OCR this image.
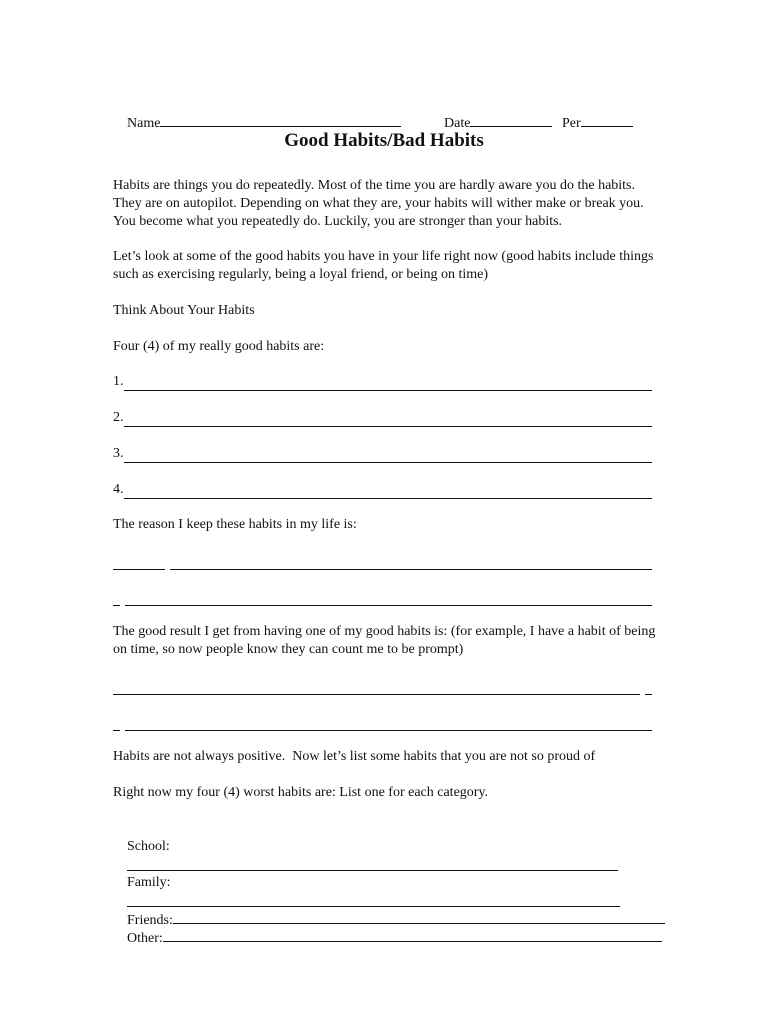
Name
	Date
	Per

Good Habits/Bad Habits
Habits are things you do repeatedly. Most of the time you are hardly aware you do the habits. They are on autopilot. Depending on what they are, your habits will wither make or break you. You become what you repeatedly do. Luckily, you are stronger than your habits.
Let’s look at some of the good habits you have in your life right now (good habits include things such as exercising regularly, being a loyal friend, or being on time)
Think About Your Habits
Four (4) of my really good habits are:
1.
2.
3.
4.
The reason I keep these habits in my life is:
The good result I get from having one of my good habits is: (for example, I have a habit of being on time, so now people know they can count me to be prompt)
Habits are not always positive.  Now let’s list some habits that you are not so proud of
Right now my four (4) worst habits are: List one for each category.

School:

Family:

Friends:

Other:
